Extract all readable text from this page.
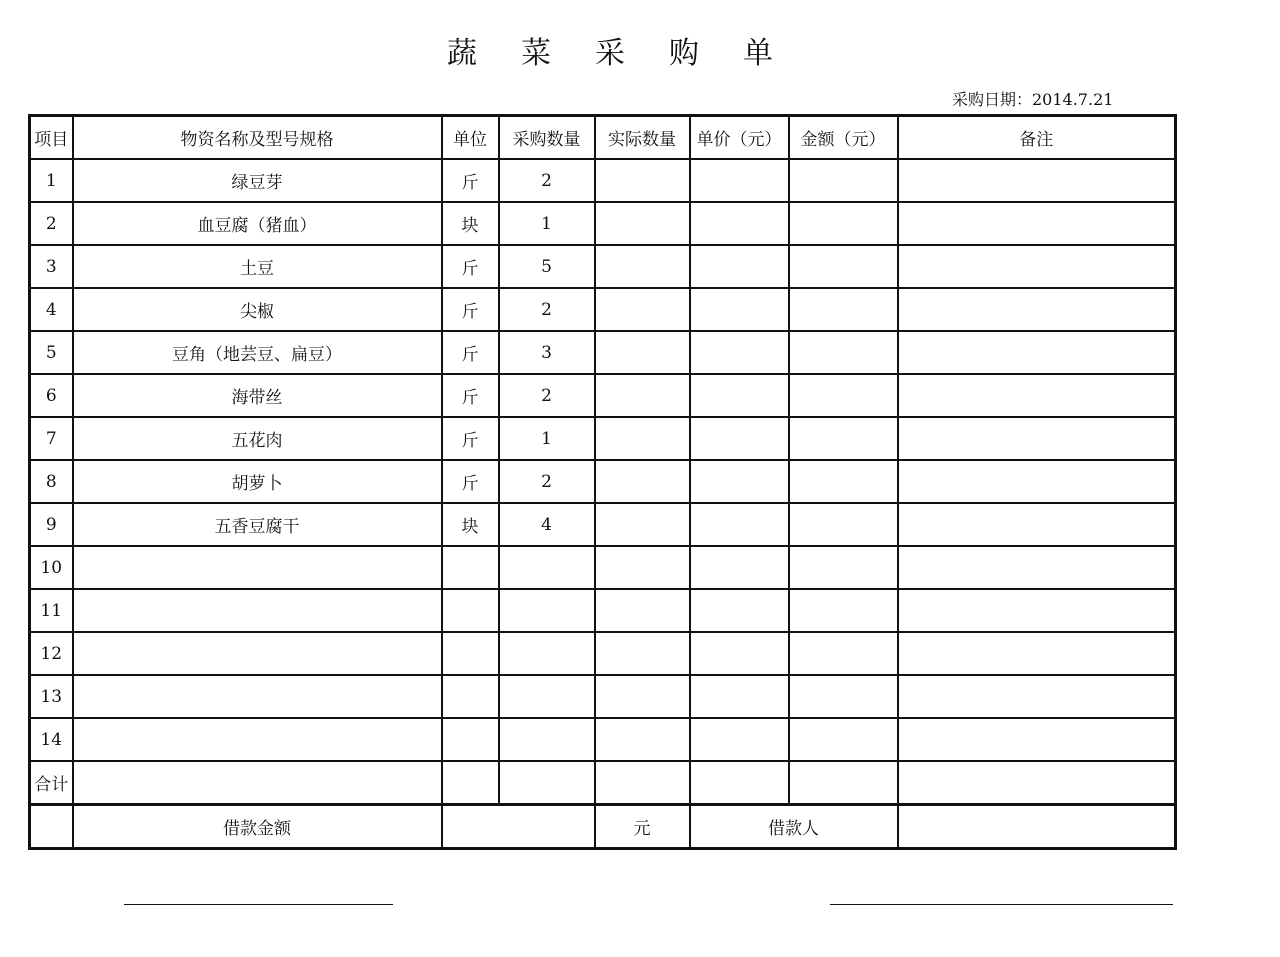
蔬 菜 采 购 单
采购日期：2014.7.21
项目	物资名称及型号规格	单位	采购数量	实际数量	单价（元）	金额（元）	备注
1	绿豆芽	斤	2				
2	血豆腐（猪血）	块	1				
3	土豆	斤	5				
4	尖椒	斤	2				
5	豆角（地芸豆、扁豆）	斤	3				
6	海带丝	斤	2				
7	五花肉	斤	1				
8	胡萝卜	斤	2				
9	五香豆腐干	块	4				
10							
11							
12							
13							
14							
合计							
	借款金额			元	借款人		
